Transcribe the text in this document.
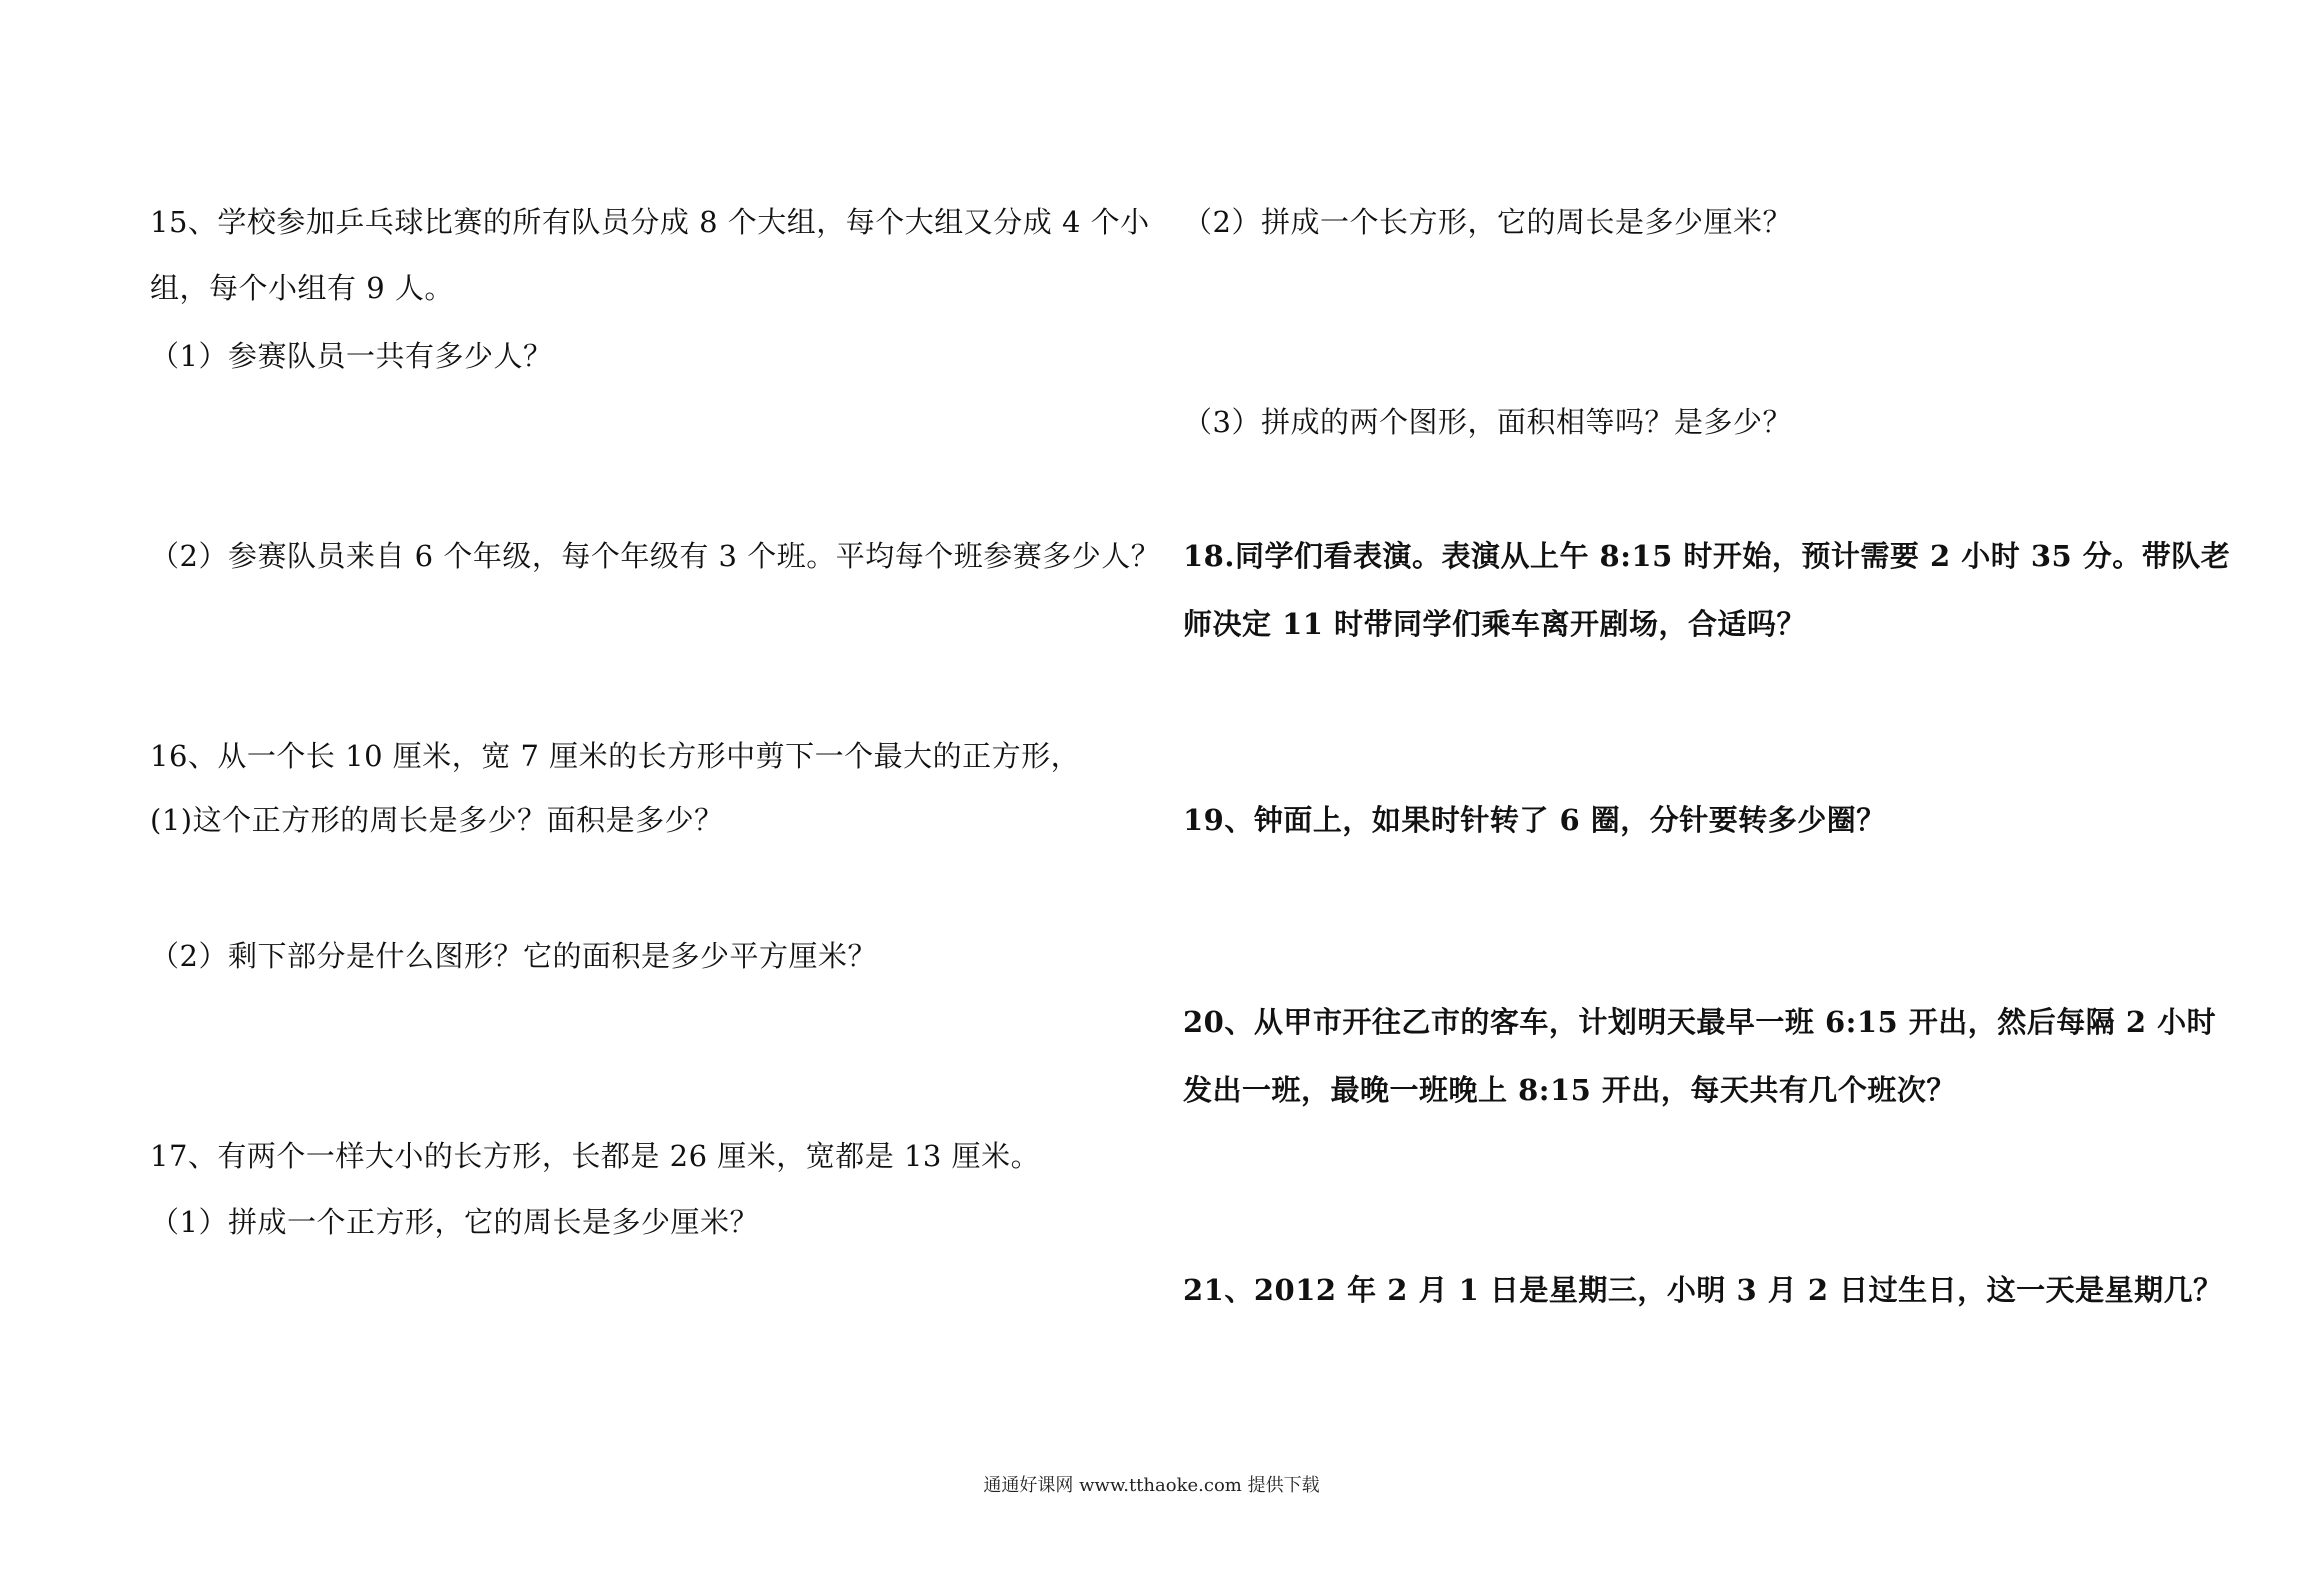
15、学校参加乒乓球比赛的所有队员分成 8 个大组，每个大组又分成 4 个小
组，每个小组有 9 人。
（1）参赛队员一共有多少人？
（2）参赛队员来自 6 个年级，每个年级有 3 个班。平均每个班参赛多少人？
16、从一个长 10 厘米，宽 7 厘米的长方形中剪下一个最大的正方形，
(1)这个正方形的周长是多少？面积是多少？
（2）剩下部分是什么图形？它的面积是多少平方厘米？
17、有两个一样大小的长方形，长都是 26 厘米，宽都是 13 厘米。
（1）拼成一个正方形，它的周长是多少厘米？
（2）拼成一个长方形，它的周长是多少厘米？
（3）拼成的两个图形，面积相等吗？是多少？
18.同学们看表演。表演从上午 8:15 时开始，预计需要 2 小时 35 分。带队老
师决定 11 时带同学们乘车离开剧场，合适吗？
19、钟面上，如果时针转了 6 圈，分针要转多少圈？
20、从甲市开往乙市的客车，计划明天最早一班 6:15 开出，然后每隔 2 小时
发出一班，最晚一班晚上 8:15 开出，每天共有几个班次？
21、2012 年 2 月 1 日是星期三，小明 3 月 2 日过生日，这一天是星期几？
通通好课网 www.tthaoke.com 提供下载
